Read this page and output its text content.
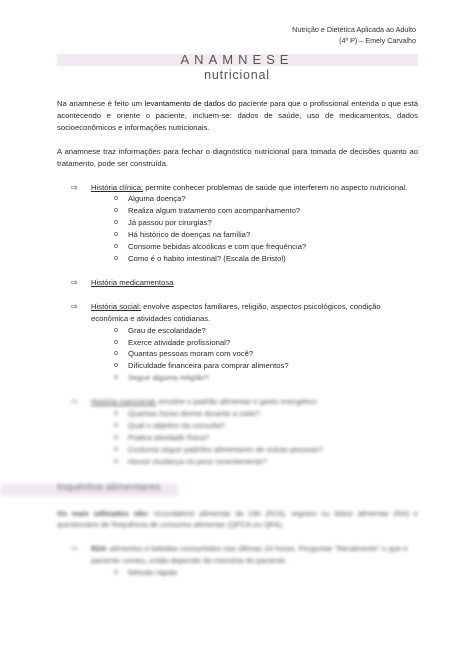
Nutrição e Dietética Aplicada ao Adulto
(4º P) – Emely Carvalho
ANAMNESE
nutricional

Na anamnese é feito um levantamento de dados do paciente para que o profissional entenda o que está acontecendo e oriente o paciente, incluem-se: dados de saúde, uso de medicamentos, dados socioeconômicos e informações nutricionais.

A anamnese traz informações para fechar o diagnóstico nutricional para tomada de decisões quanto ao tratamento, pode ser construída.

⇨	História clínica: permite conhecer problemas de saúde que interferem no aspecto nutricional.
o Alguma doença?
o Realiza algum tratamento com acompanhamento?
o Já passou por cirurgias?
o Há histórico de doenças na família?
o Consome bebidas alcoólicas e com que frequência?
o Como é o habito intestinal? (Escala de Bristol)
⇨	História medicamentosa
⇨	História social: envolve aspectos familiares, religião, aspectos psicológicos, condição econômica e atividades cotidianas.
o Grau de escolaridade?
o Exerce atividade profissional?
o Quantas pessoas moram com você?
o Dificuldade financeira para comprar alimentos?
o Segue alguma religião?
⇨	História nutricional: envolve o padrão alimentar e gasto energético.
o Quantas horas dorme durante a noite?
o Qual o objetivo da consulta?
o Pratica atividade física?
o Costuma seguir padrões alimentares de outras pessoas?
o Houve mudança no peso recentemente?
Inquéritos alimentares

Os mais utilizados são: recordatório alimentar de 24h (R24), registro ou diário alimentar (RA) e questionário de frequência de consumo alimentar (QFCA ou QFA).

⇨	R24: alimentos e bebidas consumidos nas últimas 24 horas. Perguntar "literalmente" o que o paciente comeu, então depende da memória do paciente.
o Método rápido
